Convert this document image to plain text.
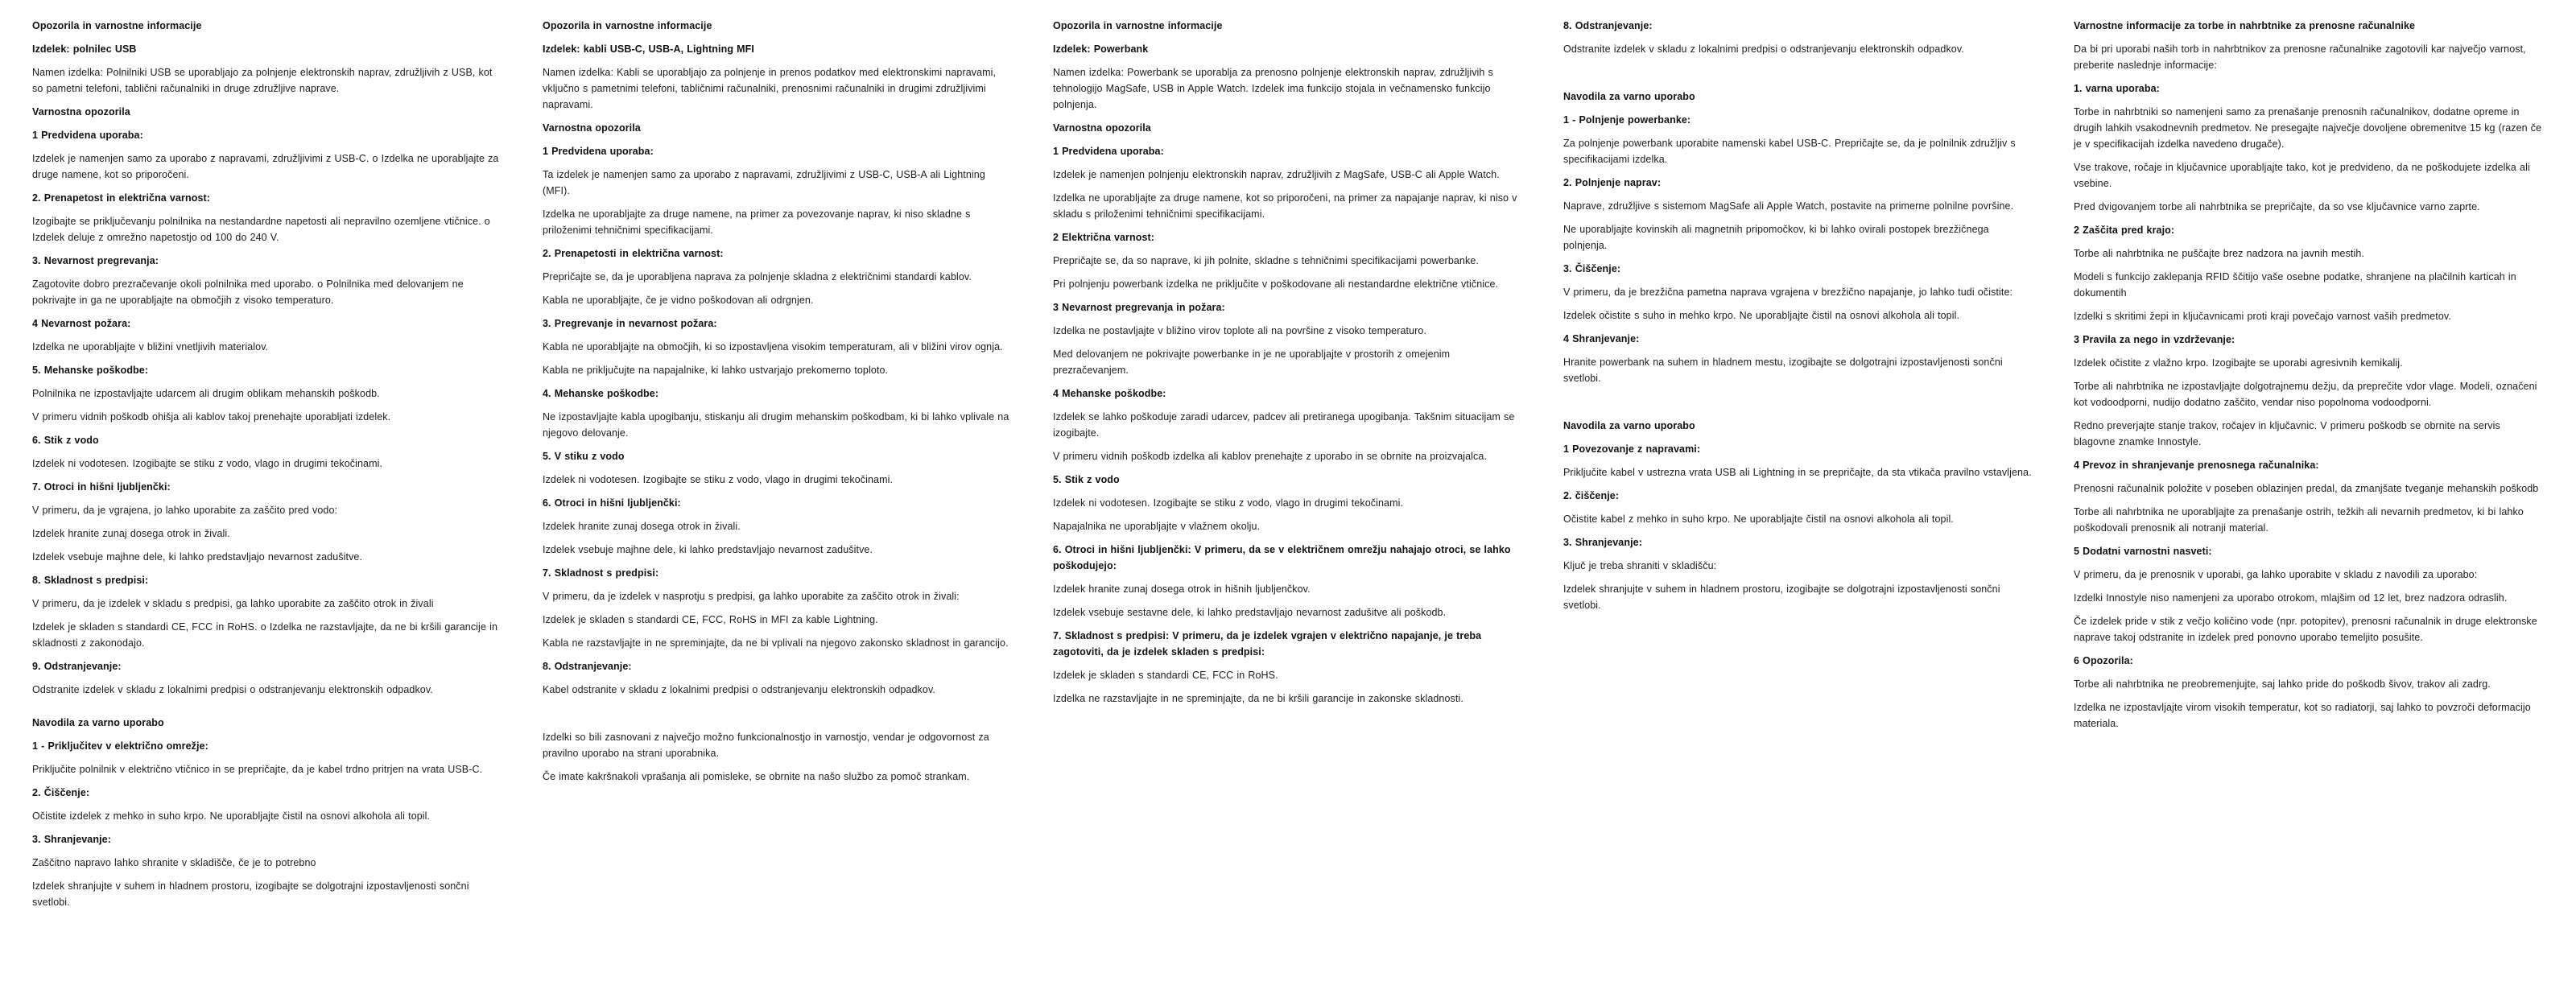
Opozorila in varnostne informacije
Izdelek: polnilec USB

Namen izdelka: Polnilniki USB se uporabljajo za polnjenje elektronskih naprav, združljivih z USB, kot so pametni telefoni, tablični računalniki in druge združljive naprave.

Varnostna opozorila
1 Predvidena uporaba:

Izdelek je namenjen samo za uporabo z napravami, združljivimi z USB-C. o Izdelka ne uporabljajte za druge namene, kot so priporočeni.

2. Prenapetost in električna varnost:

Izogibajte se priključevanju polnilnika na nestandardne napetosti ali nepravilno ozemljene vtičnice. o Izdelek deluje z omrežno napetostjo od 100 do 240 V.

3. Nevarnost pregrevanja:

Zagotovite dobro prezračevanje okoli polnilnika med uporabo. o Polnilnika med delovanjem ne pokrivajte in ga ne uporabljajte na območjih z visoko temperaturo.

4 Nevarnost požara:

Izdelka ne uporabljajte v bližini vnetljivih materialov.

5. Mehanske poškodbe:

Polnilnika ne izpostavljajte udarcem ali drugim oblikam mehanskih poškodb.

V primeru vidnih poškodb ohišja ali kablov takoj prenehajte uporabljati izdelek.

6. Stik z vodo

Izdelek ni vodotesen. Izogibajte se stiku z vodo, vlago in drugimi tekočinami.

7. Otroci in hišni ljubljenčki:

V primeru, da je vgrajena, jo lahko uporabite za zaščito pred vodo:

Izdelek hranite zunaj dosega otrok in živali.

Izdelek vsebuje majhne dele, ki lahko predstavljajo nevarnost zadušitve.

8. Skladnost s predpisi:

V primeru, da je izdelek v skladu s predpisi, ga lahko uporabite za zaščito otrok in živali

Izdelek je skladen s standardi CE, FCC in RoHS. o Izdelka ne razstavljajte, da ne bi kršili garancije in skladnosti z zakonodajo.

9. Odstranjevanje:

Odstranite izdelek v skladu z lokalnimi predpisi o odstranjevanju elektronskih odpadkov.

Navodila za varno uporabo
1 - Priključitev v električno omrežje:

Priključite polnilnik v električno vtičnico in se prepričajte, da je kabel trdno pritrjen na vrata USB-C.

2. Čiščenje:

Očistite izdelek z mehko in suho krpo. Ne uporabljajte čistil na osnovi alkohola ali topil.

3. Shranjevanje:

Zaščitno napravo lahko shranite v skladišče, če je to potrebno

Izdelek shranjujte v suhem in hladnem prostoru, izogibajte se dolgotrajni izpostavljenosti sončni svetlobi.

Opozorila in varnostne informacije
Izdelek: kabli USB-C, USB-A, Lightning MFI

Namen izdelka: Kabli se uporabljajo za polnjenje in prenos podatkov med elektronskimi napravami, vključno s pametnimi telefoni, tabličnimi računalniki, prenosnimi računalniki in drugimi združljivimi napravami.

Varnostna opozorila
1 Predvidena uporaba:

Ta izdelek je namenjen samo za uporabo z napravami, združljivimi z USB-C, USB-A ali Lightning (MFI).

Izdelka ne uporabljajte za druge namene, na primer za povezovanje naprav, ki niso skladne s priloženimi tehničnimi specifikacijami.

2. Prenapetosti in električna varnost:

Prepričajte se, da je uporabljena naprava za polnjenje skladna z električnimi standardi kablov.

Kabla ne uporabljajte, če je vidno poškodovan ali odrgnjen.

3. Pregrevanje in nevarnost požara:

Kabla ne uporabljajte na območjih, ki so izpostavljena visokim temperaturam, ali v bližini virov ognja.

Kabla ne priključujte na napajalnike, ki lahko ustvarjajo prekomerno toploto.

4. Mehanske poškodbe:

Ne izpostavljajte kabla upogibanju, stiskanju ali drugim mehanskim poškodbam, ki bi lahko vplivale na njegovo delovanje.

5. V stiku z vodo

Izdelek ni vodotesen. Izogibajte se stiku z vodo, vlago in drugimi tekočinami.

6. Otroci in hišni ljubljenčki:

Izdelek hranite zunaj dosega otrok in živali.

Izdelek vsebuje majhne dele, ki lahko predstavljajo nevarnost zadušitve.

7. Skladnost s predpisi:

V primeru, da je izdelek v nasprotju s predpisi, ga lahko uporabite za zaščito otrok in živali:

Izdelek je skladen s standardi CE, FCC, RoHS in MFI za kable Lightning.

Kabla ne razstavljajte in ne spreminjajte, da ne bi vplivali na njegovo zakonsko skladnost in garancijo.

8. Odstranjevanje:

Kabel odstranite v skladu z lokalnimi predpisi o odstranjevanju elektronskih odpadkov.

Izdelki so bili zasnovani z največjo možno funkcionalnostjo in varnostjo, vendar je odgovornost za pravilno uporabo na strani uporabnika.

Če imate kakršnakoli vprašanja ali pomisleke, se obrnite na našo službo za pomoč strankam.

Opozorila in varnostne informacije
Izdelek: Powerbank

Namen izdelka: Powerbank se uporablja za prenosno polnjenje elektronskih naprav, združljivih s tehnologijo MagSafe, USB in Apple Watch. Izdelek ima funkcijo stojala in večnamensko funkcijo polnjenja.

Varnostna opozorila
1 Predvidena uporaba:

Izdelek je namenjen polnjenju elektronskih naprav, združljivih z MagSafe, USB-C ali Apple Watch.

Izdelka ne uporabljajte za druge namene, kot so priporočeni, na primer za napajanje naprav, ki niso v skladu s priloženimi tehničnimi specifikacijami.

2 Električna varnost:

Prepričajte se, da so naprave, ki jih polnite, skladne s tehničnimi specifikacijami powerbanke.

Pri polnjenju powerbank izdelka ne priključite v poškodovane ali nestandardne električne vtičnice.

3 Nevarnost pregrevanja in požara:

Izdelka ne postavljajte v bližino virov toplote ali na površine z visoko temperaturo.

Med delovanjem ne pokrivajte powerbanke in je ne uporabljajte v prostorih z omejenim prezračevanjem.

4 Mehanske poškodbe:

Izdelek se lahko poškoduje zaradi udarcev, padcev ali pretiranega upogibanja. Takšnim situacijam se izogibajte.

V primeru vidnih poškodb izdelka ali kablov prenehajte z uporabo in se obrnite na proizvajalca.

5. Stik z vodo

Izdelek ni vodotesen. Izogibajte se stiku z vodo, vlago in drugimi tekočinami.

Napajalnika ne uporabljajte v vlažnem okolju.

6. Otroci in hišni ljubljenčki: V primeru, da se v električnem omrežju nahajajo otroci, se lahko poškodujejo:

Izdelek hranite zunaj dosega otrok in hišnih ljubljenčkov.

Izdelek vsebuje sestavne dele, ki lahko predstavljajo nevarnost zadušitve ali poškodb.

7. Skladnost s predpisi: V primeru, da je izdelek vgrajen v električno napajanje, je treba zagotoviti, da je izdelek skladen s predpisi:

Izdelek je skladen s standardi CE, FCC in RoHS.

Izdelka ne razstavljajte in ne spreminjajte, da ne bi kršili garancije in zakonske skladnosti.

8. Odstranjevanje:

Odstranite izdelek v skladu z lokalnimi predpisi o odstranjevanju elektronskih odpadkov.

Navodila za varno uporabo
1 - Polnjenje powerbanke:

Za polnjenje powerbank uporabite namenski kabel USB-C. Prepričajte se, da je polnilnik združljiv s specifikacijami izdelka.

2. Polnjenje naprav:

Naprave, združljive s sistemom MagSafe ali Apple Watch, postavite na primerne polnilne površine.

Ne uporabljajte kovinskih ali magnetnih pripomočkov, ki bi lahko ovirali postopek brezžičnega polnjenja.

3. Čiščenje:

V primeru, da je brezžična pametna naprava vgrajena v brezžično napajanje, jo lahko tudi očistite:

Izdelek očistite s suho in mehko krpo. Ne uporabljajte čistil na osnovi alkohola ali topil.

4 Shranjevanje:

Hranite powerbank na suhem in hladnem mestu, izogibajte se dolgotrajni izpostavljenosti sončni svetlobi.

Navodila za varno uporabo
1 Povezovanje z napravami:

Priključite kabel v ustrezna vrata USB ali Lightning in se prepričajte, da sta vtikača pravilno vstavljena.

2. čiščenje:

Očistite kabel z mehko in suho krpo. Ne uporabljajte čistil na osnovi alkohola ali topil.

3. Shranjevanje:

Ključ je treba shraniti v skladišču:

Izdelek shranjujte v suhem in hladnem prostoru, izogibajte se dolgotrajni izpostavljenosti sončni svetlobi.

Varnostne informacije za torbe in nahrbtnike za prenosne računalnike

Da bi pri uporabi naših torb in nahrbtnikov za prenosne računalnike zagotovili kar največjo varnost, preberite naslednje informacije:

1. varna uporaba:

Torbe in nahrbtniki so namenjeni samo za prenašanje prenosnih računalnikov, dodatne opreme in drugih lahkih vsakodnevnih predmetov. Ne presegajte največje dovoljene obremenitve 15 kg (razen če je v specifikacijah izdelka navedeno drugače).

Vse trakove, ročaje in ključavnice uporabljajte tako, kot je predvideno, da ne poškodujete izdelka ali vsebine.

Pred dvigovanjem torbe ali nahrbtnika se prepričajte, da so vse ključavnice varno zaprte.

2 Zaščita pred krajo:

Torbe ali nahrbtnika ne puščajte brez nadzora na javnih mestih.

Modeli s funkcijo zaklepanja RFID ščitijo vaše osebne podatke, shranjene na plačilnih karticah in dokumentih

Izdelki s skritimi žepi in ključavnicami proti kraji povečajo varnost vaših predmetov.

3 Pravila za nego in vzdrževanje:

Izdelek očistite z vlažno krpo. Izogibajte se uporabi agresivnih kemikalij.

Torbe ali nahrbtnika ne izpostavljajte dolgotrajnemu dežju, da preprečite vdor vlage. Modeli, označeni kot vodoodporni, nudijo dodatno zaščito, vendar niso popolnoma vodoodporni.

Redno preverjajte stanje trakov, ročajev in ključavnic. V primeru poškodb se obrnite na servis blagovne znamke Innostyle.

4 Prevoz in shranjevanje prenosnega računalnika:

Prenosni računalnik položite v poseben oblazinjen predal, da zmanjšate tveganje mehanskih poškodb

Torbe ali nahrbtnika ne uporabljajte za prenašanje ostrih, težkih ali nevarnih predmetov, ki bi lahko poškodovali prenosnik ali notranji material.

5 Dodatni varnostni nasveti:

V primeru, da je prenosnik v uporabi, ga lahko uporabite v skladu z navodili za uporabo:

Izdelki Innostyle niso namenjeni za uporabo otrokom, mlajšim od 12 let, brez nadzora odraslih.

Če izdelek pride v stik z večjo količino vode (npr. potopitev), prenosni računalnik in druge elektronske naprave takoj odstranite in izdelek pred ponovno uporabo temeljito posušite.

6 Opozorila:

Torbe ali nahrbtnika ne preobremenjujte, saj lahko pride do poškodb šivov, trakov ali zadrg.

Izdelka ne izpostavljajte virom visokih temperatur, kot so radiatorji, saj lahko to povzroči deformacijo materiala.
